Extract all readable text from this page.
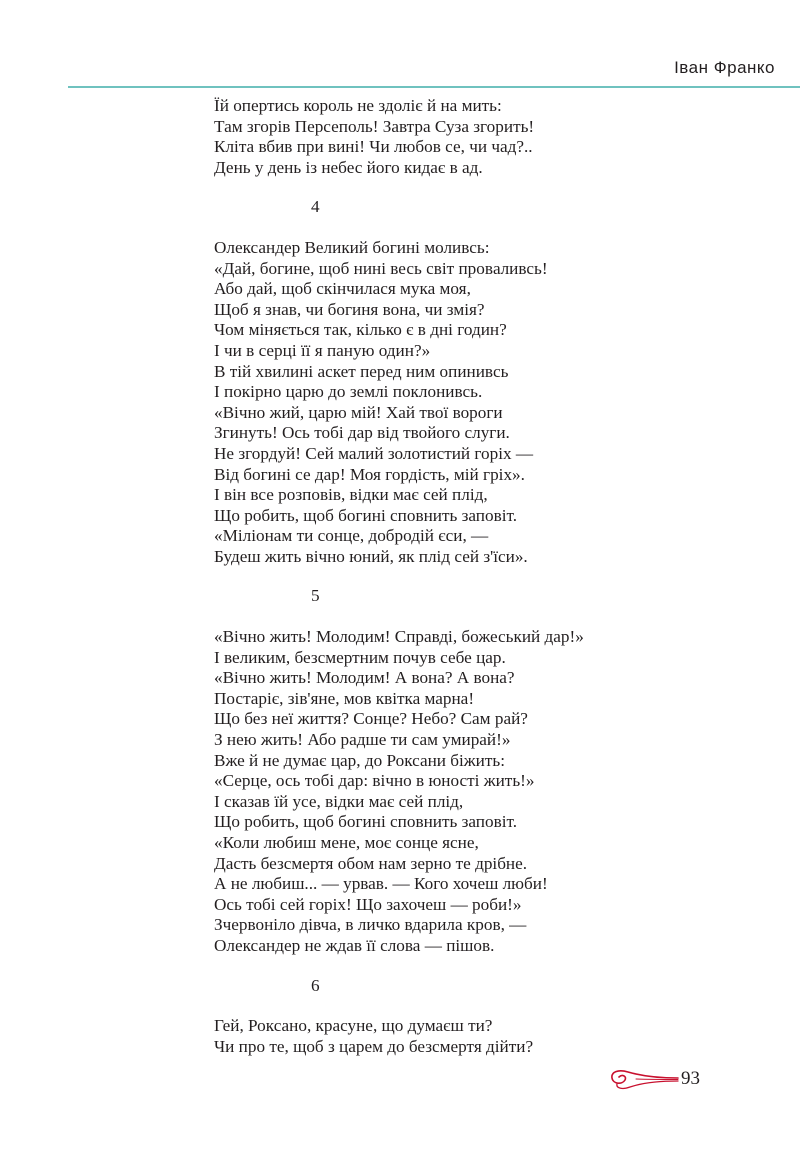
Іван Франко
Їй опертись король не здоліє й на мить:
Там згорів Персеполь! Завтра Суза згорить!
Кліта вбив при вині! Чи любов се, чи чад?..
День у день із небес його кидає в ад.
4
Олександер Великий богині моливсь:
«Дай, богине, щоб нині весь світ провaливсь!
Або дай, щоб скінчилася мука моя,
Щоб я знав, чи богиня вона, чи змія?
Чом міняється так, кілько є в дні годин?
І чи в серці її я паную один?»
В тій хвилині аскет перед ним опинивсь
І покірно царю до землі поклонивсь.
«Вічно жий, царю мій! Хай твої вороги
Згинуть! Ось тобі дар від твойого слуги.
Не згордуй! Сей малий золотистий горіх —
Від богині се дар! Моя гордість, мій гріх».
І він все розповів, відки має сей плід,
Що робить, щоб богині сповнить заповіт.
«Міліонам ти сонце, добродій єси, —
Будеш жить вічно юний, як плід сей з'їси».
5
«Вічно жить! Молодим! Справді, божеський дар!»
І великим, безсмертним почув себе цар.
«Вічно жить! Молодим! А вона? А вона?
Постаріє, зів'яне, мов квітка марна!
Що без неї життя? Сонце? Небо? Сам рай?
З нею жить! Або радше ти сам умирай!»
Вже й не думає цар, до Роксани біжить:
«Серце, ось тобі дар: вічно в юності жить!»
І сказав їй усе, відки має сей плід,
Що робить, щоб богині сповнить заповіт.
«Коли любиш мене, моє сонце ясне,
Дасть безсмертя обом нам зерно те дрібне.
А не любиш... — урвав. — Кого хочеш люби!
Ось тобі сей горіх! Що захочеш — роби!»
Зчервоніло дівча, в личко вдарила кров, —
Олександер не ждав її слова — пішов.
6
Гей, Роксано, красуне, що думаєш ти?
Чи про те, щоб з царем до безсмертя дійти?
93
